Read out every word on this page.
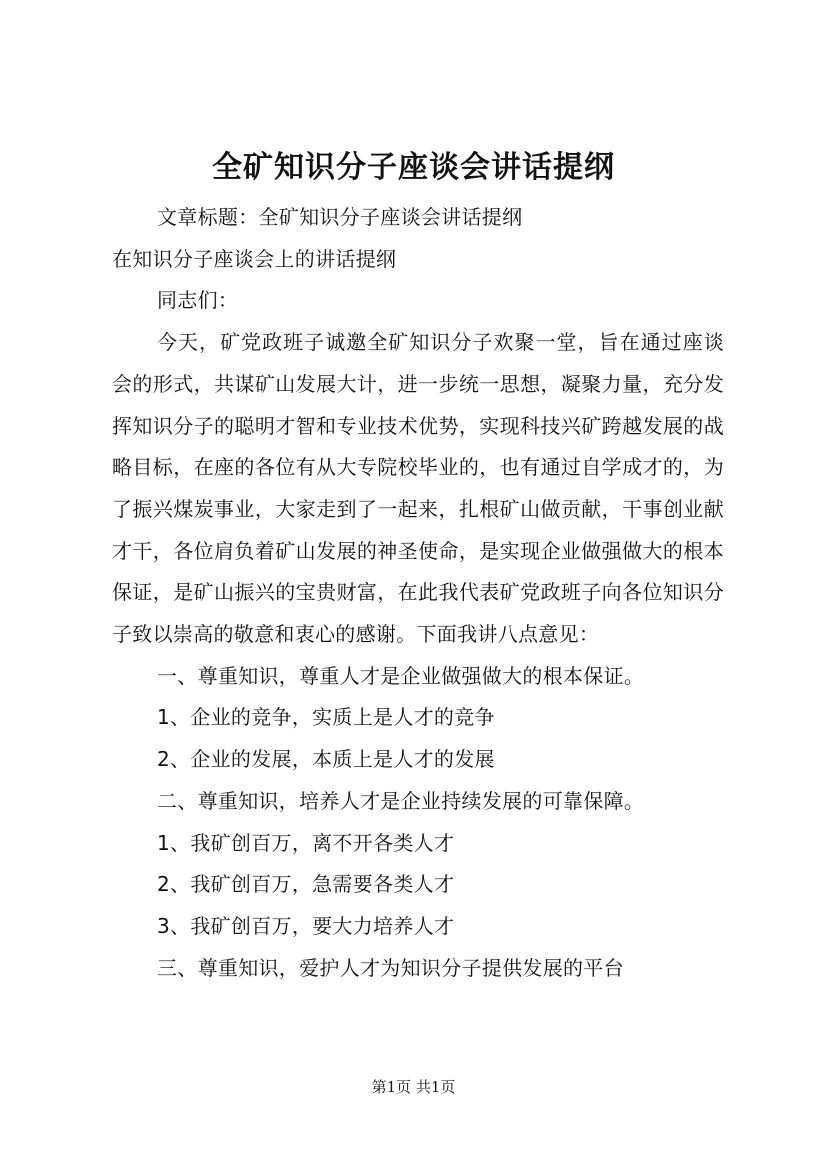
全矿知识分子座谈会讲话提纲

文章标题：全矿知识分子座谈会讲话提纲

在知识分子座谈会上的讲话提纲

同志们：

今天，矿党政班子诚邀全矿知识分子欢聚一堂，旨在通过座谈会的形式，共谋矿山发展大计，进一步统一思想，凝聚力量，充分发挥知识分子的聪明才智和专业技术优势，实现科技兴矿跨越发展的战略目标，在座的各位有从大专院校毕业的，也有通过自学成才的，为了振兴煤炭事业，大家走到了一起来，扎根矿山做贡献，干事创业献才干，各位肩负着矿山发展的神圣使命，是实现企业做强做大的根本保证，是矿山振兴的宝贵财富，在此我代表矿党政班子向各位知识分子致以崇高的敬意和衷心的感谢。下面我讲八点意见：

一、尊重知识，尊重人才是企业做强做大的根本保证。

1、企业的竞争，实质上是人才的竞争

2、企业的发展，本质上是人才的发展

二、尊重知识，培养人才是企业持续发展的可靠保障。

1、我矿创百万，离不开各类人才

2、我矿创百万，急需要各类人才

3、我矿创百万，要大力培养人才

三、尊重知识，爱护人才为知识分子提供发展的平台

第1页 共1页
